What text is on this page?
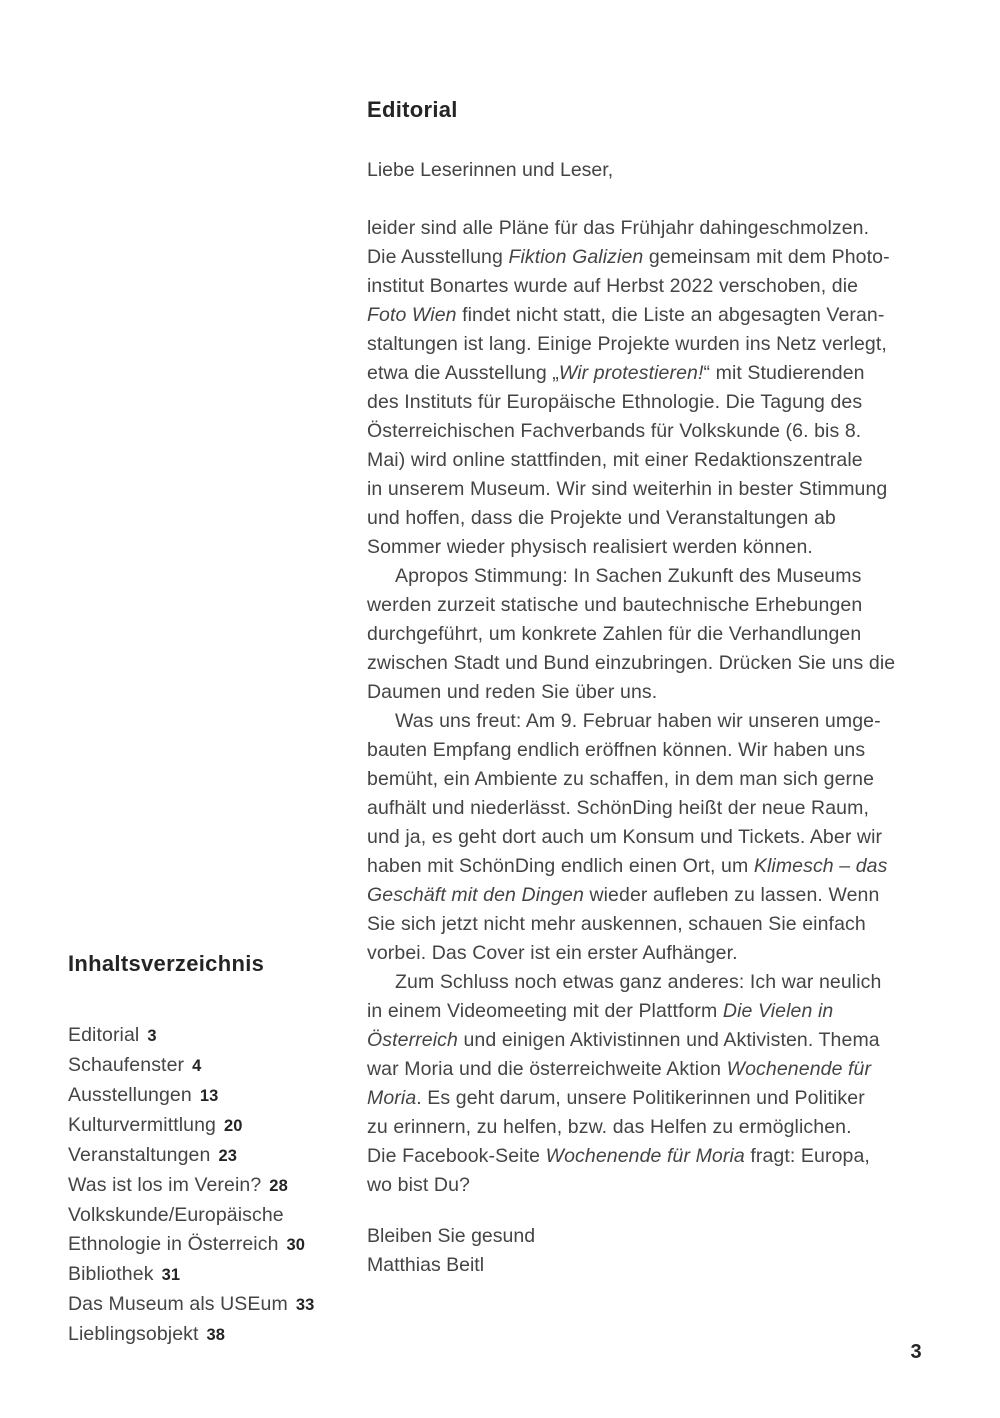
Editorial

Liebe Leserinnen und Leser,

leider sind alle Pläne für das Frühjahr dahingeschmolzen.
Die Ausstellung Fiktion Galizien gemeinsam mit dem Photo-
institut Bonartes wurde auf Herbst 2022 verschoben, die
Foto Wien findet nicht statt, die Liste an abgesagten Veran-
staltungen ist lang. Einige Projekte wurden ins Netz verlegt,
etwa die Ausstellung „Wir protestieren!“ mit Studierenden
des Instituts für Europäische Ethnologie. Die Tagung des
Österreichischen Fachverbands für Volkskunde (6. bis 8.
Mai) wird online stattfinden, mit einer Redaktionszentrale
in unserem Museum. Wir sind weiterhin in bester Stimmung
und hoffen, dass die Projekte und Veranstaltungen ab
Sommer wieder physisch realisiert werden können.

Apropos Stimmung: In Sachen Zukunft des Museums
werden zurzeit statische und bautechnische Erhebungen
durchgeführt, um konkrete Zahlen für die Verhandlungen
zwischen Stadt und Bund einzubringen. Drücken Sie uns die
Daumen und reden Sie über uns.

Was uns freut: Am 9. Februar haben wir unseren umge-
bauten Empfang endlich eröffnen können. Wir haben uns
bemüht, ein Ambiente zu schaffen, in dem man sich gerne
aufhält und niederlässt. SchönDing heißt der neue Raum,
und ja, es geht dort auch um Konsum und Tickets. Aber wir
haben mit SchönDing endlich einen Ort, um Klimesch – das
Geschäft mit den Dingen wieder aufleben zu lassen. Wenn
Sie sich jetzt nicht mehr auskennen, schauen Sie einfach
vorbei. Das Cover ist ein erster Aufhänger.

Zum Schluss noch etwas ganz anderes: Ich war neulich
in einem Videomeeting mit der Plattform Die Vielen in
Österreich und einigen Aktivistinnen und Aktivisten. Thema
war Moria und die österreichweite Aktion Wochenende für
Moria. Es geht darum, unsere Politikerinnen und Politiker
zu erinnern, zu helfen, bzw. das Helfen zu ermöglichen.
Die Facebook-Seite Wochenende für Moria fragt: Europa,
wo bist Du?

Bleiben Sie gesund
Matthias Beitl
Inhaltsverzeichnis
Editorial 3
Schaufenster 4
Ausstellungen 13
Kulturvermittlung 20
Veranstaltungen 23
Was ist los im Verein? 28
Volkskunde/Europäische
Ethnologie in Österreich 30
Bibliothek 31
Das Museum als USEum 33
Lieblingsobjekt 38
3
